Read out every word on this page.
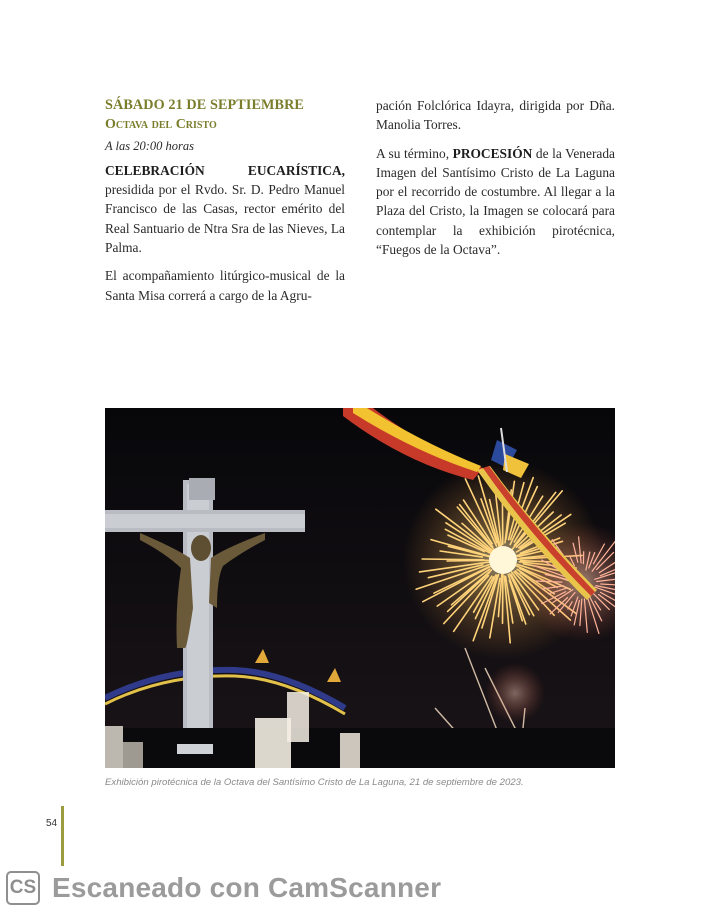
SÁBADO 21 DE SEPTIEMBRE
Octava del Cristo
A las 20:00 horas

CELEBRACIÓN EUCARÍSTICA, presidida por el Rvdo. Sr. D. Pedro Manuel Francisco de las Casas, rector emérito del Real Santuario de Ntra Sra de las Nieves, La Palma.

El acompañamiento litúrgico-musical de la Santa Misa correrá a cargo de la Agru-

pación Folclórica Idayra, dirigida por Dña. Manolia Torres.

A su término, PROCESIÓN de la Venerada Imagen del Santísimo Cristo de La Laguna por el recorrido de costumbre. Al llegar a la Plaza del Cristo, la Imagen se colocará para contemplar la exhibición pirotécnica, “Fuegos de la Octava”.

Exhibición pirotécnica de la Octava del Santísimo Cristo de La Laguna, 21 de septiembre de 2023.
54
CS Escaneado con CamScanner
